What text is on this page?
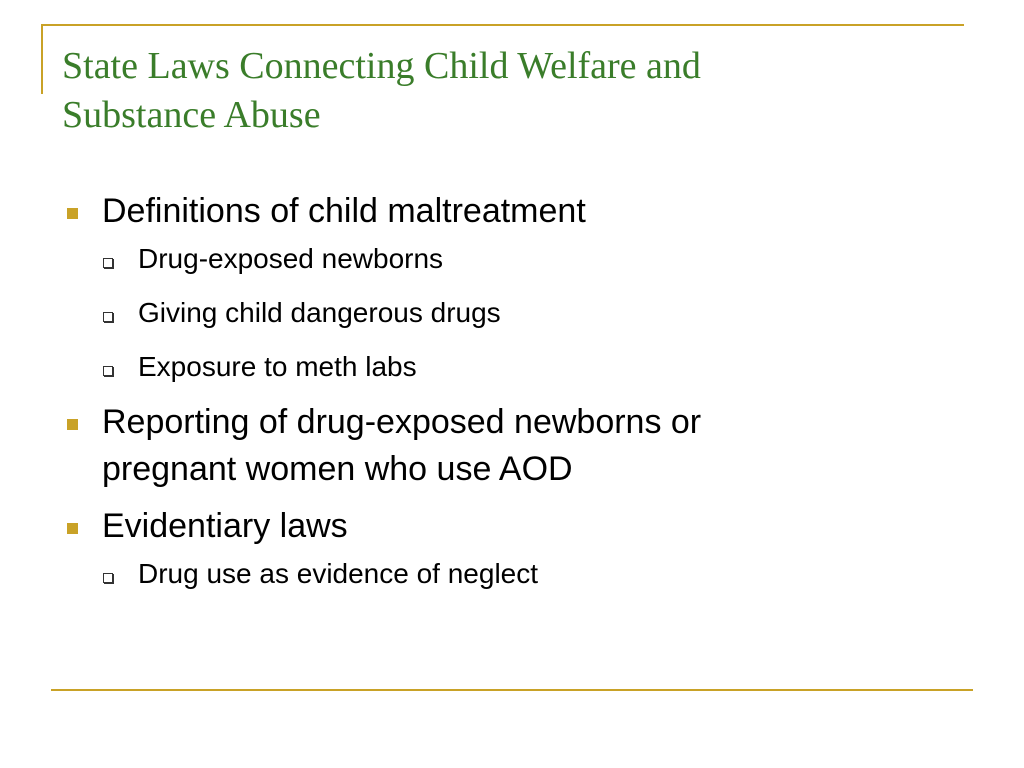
State Laws Connecting Child Welfare and
Substance Abuse
Definitions of child maltreatment
Drug-exposed newborns
Giving child dangerous drugs
Exposure to meth labs
Reporting of drug-exposed newborns or
pregnant women who use AOD
Evidentiary laws
Drug use as evidence of neglect
